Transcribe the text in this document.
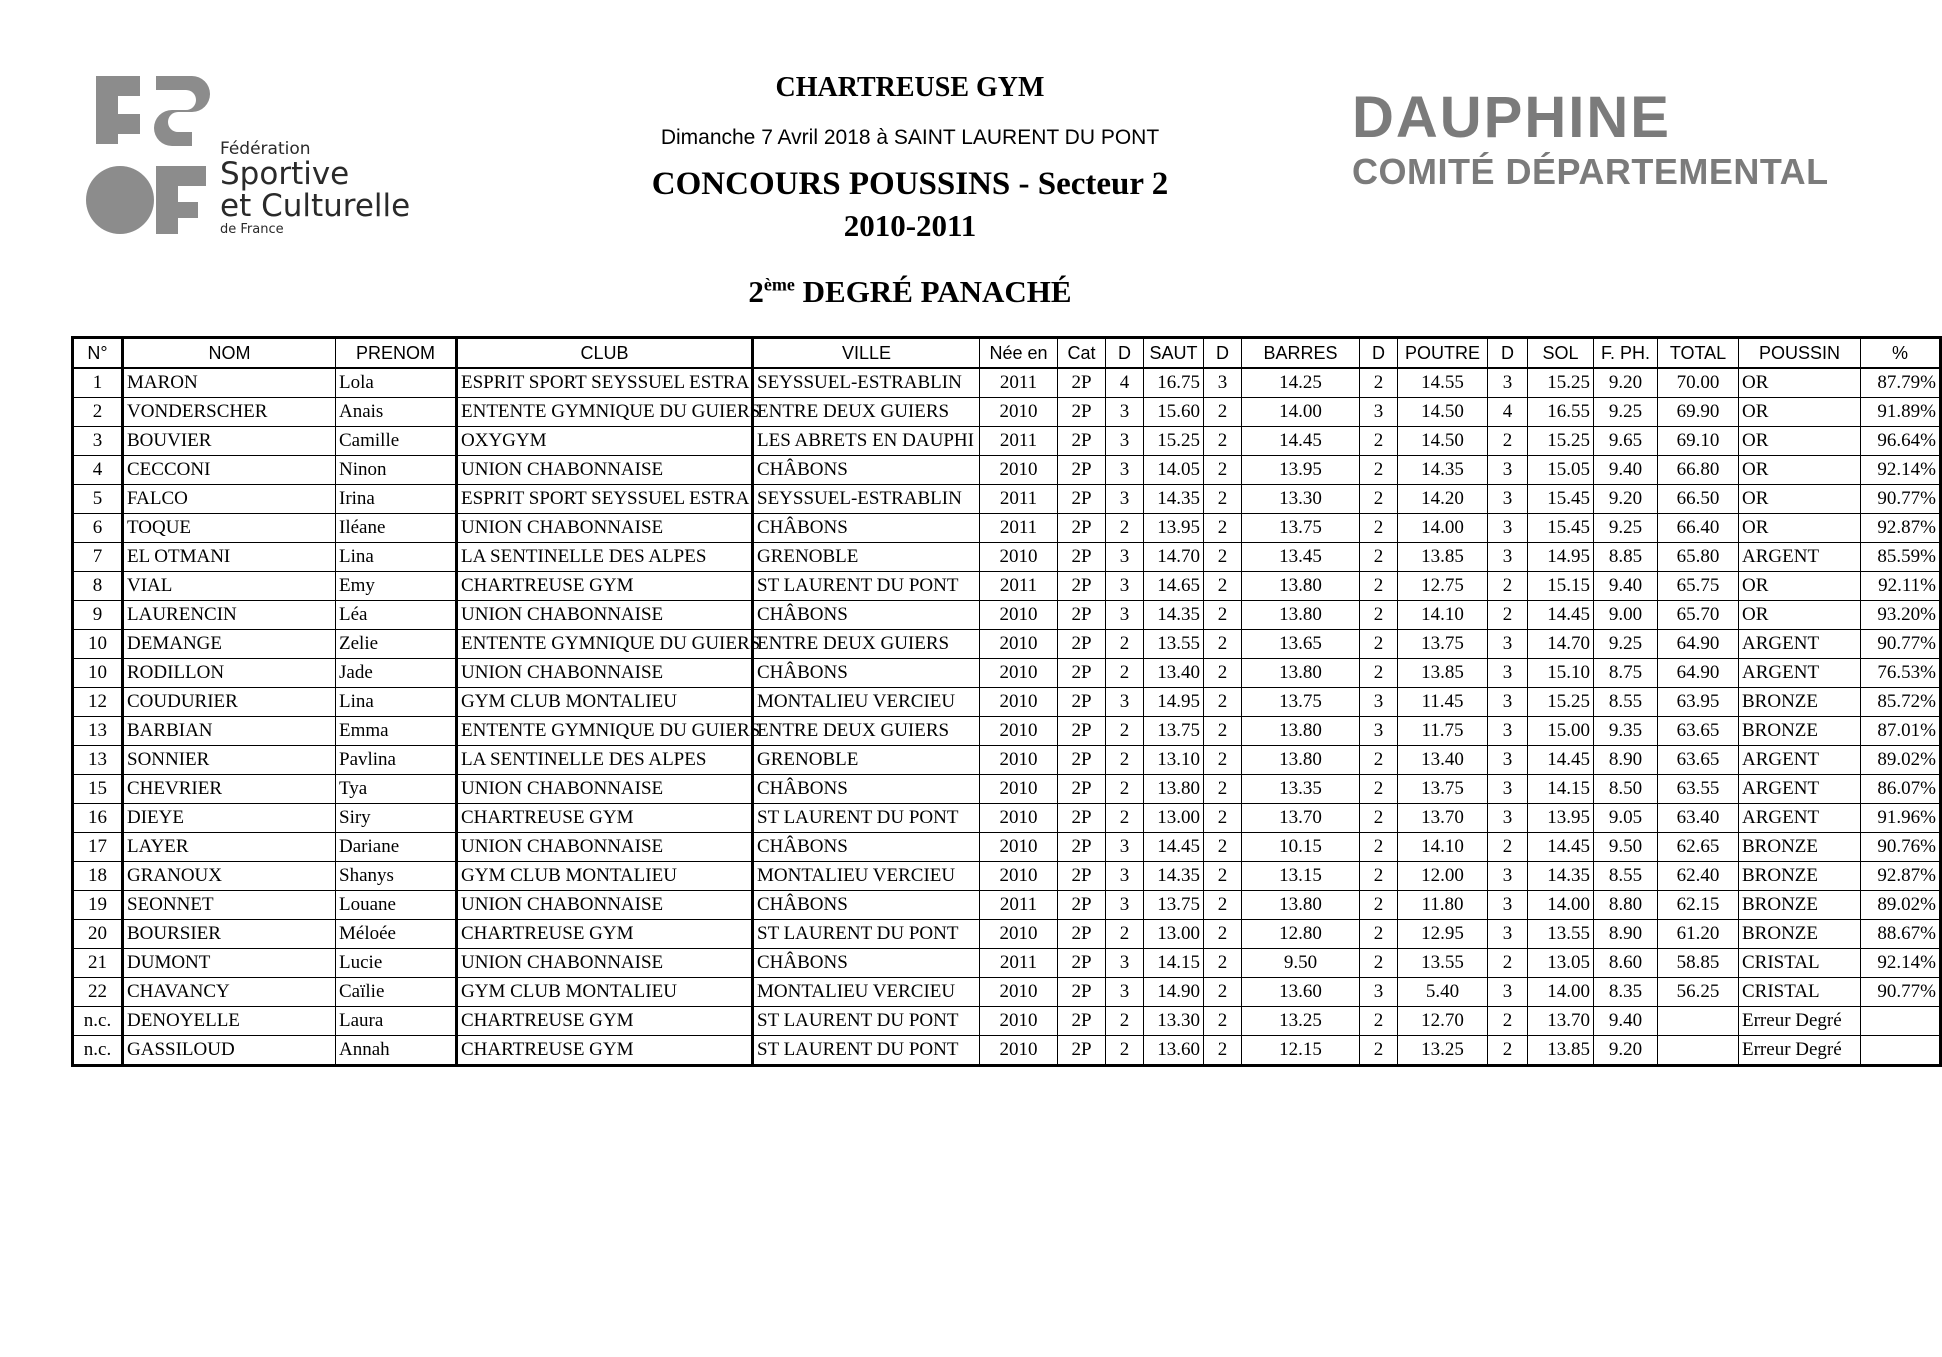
Fédération
Sportive
et Culturelle
de France
DAUPHINE
COMITÉ DÉPARTEMENTAL
CHARTREUSE GYM
Dimanche 7 Avril 2018 à SAINT LAURENT DU PONT
CONCOURS POUSSINS - Secteur 2
2010-2011
2ème DEGRÉ PANACHÉ
N°	NOM	PRENOM	CLUB	VILLE	Née en	Cat	D	SAUT	D	BARRES	D	POUTRE	D	SOL	F. PH.	TOTAL	POUSSIN	%
1	MARON	Lola	ESPRIT SPORT SEYSSUEL ESTRA	SEYSSUEL-ESTRABLIN	2011	2P	4	16.75	3	14.25	2	14.55	3	15.25	9.20	70.00	OR	87.79%
2	VONDERSCHER	Anais	ENTENTE GYMNIQUE DU GUIERS	ENTRE DEUX GUIERS	2010	2P	3	15.60	2	14.00	3	14.50	4	16.55	9.25	69.90	OR	91.89%
3	BOUVIER	Camille	OXYGYM	LES ABRETS EN DAUPHI	2011	2P	3	15.25	2	14.45	2	14.50	2	15.25	9.65	69.10	OR	96.64%
4	CECCONI	Ninon	UNION CHABONNAISE	CHÂBONS	2010	2P	3	14.05	2	13.95	2	14.35	3	15.05	9.40	66.80	OR	92.14%
5	FALCO	Irina	ESPRIT SPORT SEYSSUEL ESTRA	SEYSSUEL-ESTRABLIN	2011	2P	3	14.35	2	13.30	2	14.20	3	15.45	9.20	66.50	OR	90.77%
6	TOQUE	Iléane	UNION CHABONNAISE	CHÂBONS	2011	2P	2	13.95	2	13.75	2	14.00	3	15.45	9.25	66.40	OR	92.87%
7	EL OTMANI	Lina	LA SENTINELLE DES ALPES	GRENOBLE	2010	2P	3	14.70	2	13.45	2	13.85	3	14.95	8.85	65.80	ARGENT	85.59%
8	VIAL	Emy	CHARTREUSE GYM	ST LAURENT DU PONT	2011	2P	3	14.65	2	13.80	2	12.75	2	15.15	9.40	65.75	OR	92.11%
9	LAURENCIN	Léa	UNION CHABONNAISE	CHÂBONS	2010	2P	3	14.35	2	13.80	2	14.10	2	14.45	9.00	65.70	OR	93.20%
10	DEMANGE	Zelie	ENTENTE GYMNIQUE DU GUIERS	ENTRE DEUX GUIERS	2010	2P	2	13.55	2	13.65	2	13.75	3	14.70	9.25	64.90	ARGENT	90.77%
10	RODILLON	Jade	UNION CHABONNAISE	CHÂBONS	2010	2P	2	13.40	2	13.80	2	13.85	3	15.10	8.75	64.90	ARGENT	76.53%
12	COUDURIER	Lina	GYM CLUB MONTALIEU	MONTALIEU VERCIEU	2010	2P	3	14.95	2	13.75	3	11.45	3	15.25	8.55	63.95	BRONZE	85.72%
13	BARBIAN	Emma	ENTENTE GYMNIQUE DU GUIERS	ENTRE DEUX GUIERS	2010	2P	2	13.75	2	13.80	3	11.75	3	15.00	9.35	63.65	BRONZE	87.01%
13	SONNIER	Pavlina	LA SENTINELLE DES ALPES	GRENOBLE	2010	2P	2	13.10	2	13.80	2	13.40	3	14.45	8.90	63.65	ARGENT	89.02%
15	CHEVRIER	Tya	UNION CHABONNAISE	CHÂBONS	2010	2P	2	13.80	2	13.35	2	13.75	3	14.15	8.50	63.55	ARGENT	86.07%
16	DIEYE	Siry	CHARTREUSE GYM	ST LAURENT DU PONT	2010	2P	2	13.00	2	13.70	2	13.70	3	13.95	9.05	63.40	ARGENT	91.96%
17	LAYER	Dariane	UNION CHABONNAISE	CHÂBONS	2010	2P	3	14.45	2	10.15	2	14.10	2	14.45	9.50	62.65	BRONZE	90.76%
18	GRANOUX	Shanys	GYM CLUB MONTALIEU	MONTALIEU VERCIEU	2010	2P	3	14.35	2	13.15	2	12.00	3	14.35	8.55	62.40	BRONZE	92.87%
19	SEONNET	Louane	UNION CHABONNAISE	CHÂBONS	2011	2P	3	13.75	2	13.80	2	11.80	3	14.00	8.80	62.15	BRONZE	89.02%
20	BOURSIER	Méloée	CHARTREUSE GYM	ST LAURENT DU PONT	2010	2P	2	13.00	2	12.80	2	12.95	3	13.55	8.90	61.20	BRONZE	88.67%
21	DUMONT	Lucie	UNION CHABONNAISE	CHÂBONS	2011	2P	3	14.15	2	9.50	2	13.55	2	13.05	8.60	58.85	CRISTAL	92.14%
22	CHAVANCY	Caïlie	GYM CLUB MONTALIEU	MONTALIEU VERCIEU	2010	2P	3	14.90	2	13.60	3	5.40	3	14.00	8.35	56.25	CRISTAL	90.77%
n.c.	DENOYELLE	Laura	CHARTREUSE GYM	ST LAURENT DU PONT	2010	2P	2	13.30	2	13.25	2	12.70	2	13.70	9.40		Erreur Degré	
n.c.	GASSILOUD	Annah	CHARTREUSE GYM	ST LAURENT DU PONT	2010	2P	2	13.60	2	12.15	2	13.25	2	13.85	9.20		Erreur Degré	
